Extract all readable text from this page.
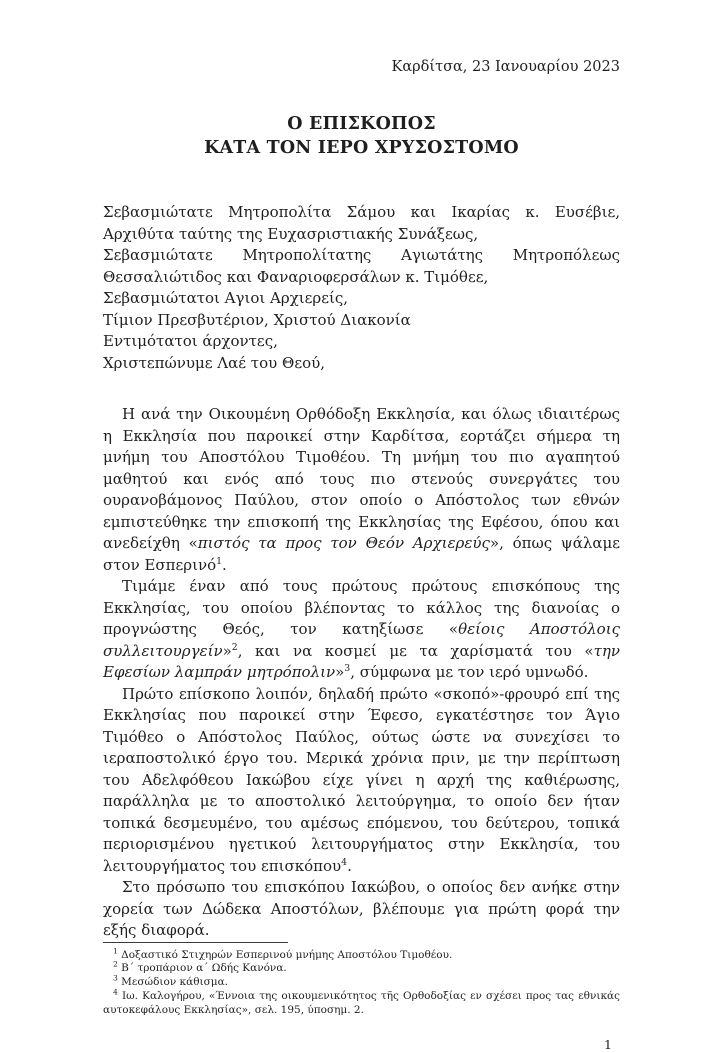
Καρδίτσα, 23 Ιανουαρίου 2023
Ο ΕΠΙΣΚΟΠΟΣ
ΚΑΤΑ ΤΟΝ ΙΕΡΟ ΧΡΥΣΟΣΤΟΜΟ

Σεβασμιώτατε Μητροπολίτα Σάμου και Ικαρίας κ. Ευσέβιε, Αρχιθύτα ταύτης της Ευχασριστιακής Συνάξεως,

Σεβασμιώτατε Μητροπολίτατης Αγιωτάτης Μητροπόλεως Θεσσαλιώτιδος και Φαναριοφερσάλων κ. Τιμόθεε,

Σεβασμιώτατοι Αγιοι Αρχιερείς,

Τίμιον Πρεσβυτέριον, Χριστού Διακονία

Εντιμότατοι άρχοντες,

Χριστεπώνυμε Λαέ του Θεού,

Η ανά την Οικουμένη Ορθόδοξη Εκκλησία, και όλως ιδιαιτέρως η Εκκλησία που παροικεί στην Καρδίτσα, εορτάζει σήμερα τη μνήμη του Αποστόλου Τιμοθέου. Τη μνήμη του πιο αγαπητού μαθητού και ενός από τους πιο στενούς συνεργάτες του ουρανοβάμονος Παύλου, στον οποίο ο Απόστολος των εθνών εμπιστεύθηκε την επισκοπή της Εκκλησίας της Εφέσου, όπου και ανεδείχθη «πιστός τα προς τον Θεόν Αρχιερεύς», όπως ψάλαμε στον Εσπερινό$^1$.

Τιμάμε έναν από τους πρώτους πρώτους επισκόπους της Εκκλησίας, του οποίου βλέποντας το κάλλος της διανοίας ο προγνώστης Θεός, τον κατηξίωσε «θείοις Αποστόλοις συλλειτουργείν»$^2$, και να κοσμεί με τα χαρίσματά του «την Εφεσίων λαμπράν μητρόπολιν»$^3$, σύμφωνα με τον ιερό υμνωδό.

Πρώτο επίσκοπο λοιπόν, δηλαδή πρώτο «σκοπό»-φρουρό επί της Εκκλησίας που παροικεί στην Έφεσο, εγκατέστησε τον Άγιο Τιμόθεο ο Απόστολος Παύλος, ούτως ώστε να συνεχίσει το ιεραποστολικό έργο του. Μερικά χρόνια πριν, με την περίπτωση του Αδελφόθεου Ιακώβου είχε γίνει η αρχή της καθιέρωσης, παράλληλα με το αποστολικό λειτούργημα, το οποίο δεν ήταν τοπικά δεσμευμένο, του αμέσως επόμενου, του δεύτερου, τοπικά περιορισμένου ηγετικού λειτουργήματος στην Εκκλησία, του λειτουργήματος του επισκόπου$^4$.

Στο πρόσωπο του επισκόπου Ιακώβου, ο οποίος δεν ανήκε στην χορεία των Δώδεκα Αποστόλων, βλέπουμε για πρώτη φορά την εξής διαφορά.

$^1$ Δοξαστικό Στιχηρών Εσπερινού μνήμης Αποστόλου Τιμοθέου.

$^2$ Β΄ τροπάριον α΄ Ωδής Κανόνα.

$^3$ Μεσώδιον κάθισμα.

$^4$ Ιω. Καλογήρου, «Έννοια της οικουμενικότητος τῆς Ορθοδοξίας εν σχέσει προς τας εθνικάς αυτοκεφάλους Εκκλησίας», σελ. 195, ύποσημ. 2.

1
